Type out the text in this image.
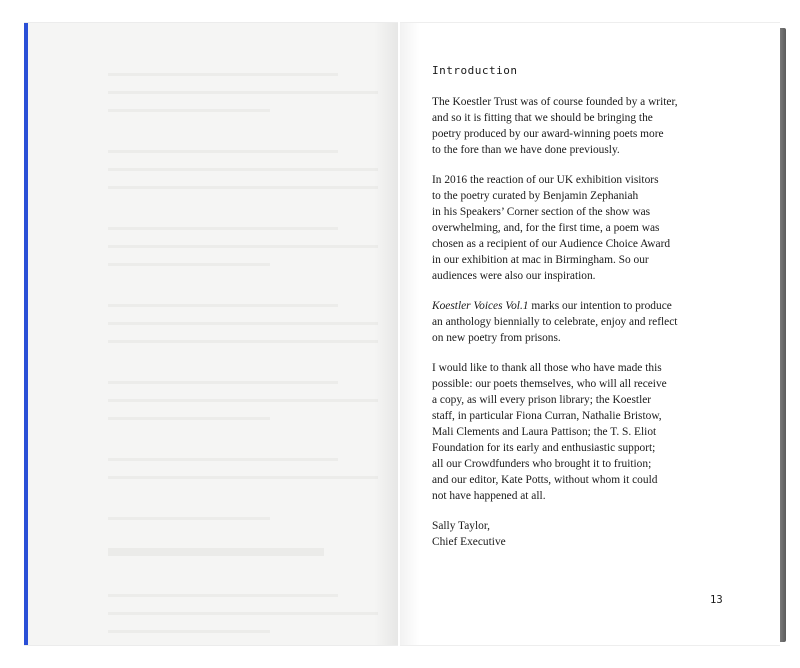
Introduction

The Koestler Trust was of course founded by a writer,
and so it is fitting that we should be bringing the
poetry produced by our award-winning poets more
to the fore than we have done previously.

In 2016 the reaction of our UK exhibition visitors
to the poetry curated by Benjamin Zephaniah
in his Speakers’ Corner section of the show was
overwhelming, and, for the first time, a poem was
chosen as a recipient of our Audience Choice Award
in our exhibition at mac in Birmingham. So our
audiences were also our inspiration.

Koestler Voices Vol.1 marks our intention to produce
an anthology biennially to celebrate, enjoy and reflect
on new poetry from prisons.

I would like to thank all those who have made this
possible: our poets themselves, who will all receive
a copy, as will every prison library; the Koestler
staff, in particular Fiona Curran, Nathalie Bristow,
Mali Clements and Laura Pattison; the T. S. Eliot
Foundation for its early and enthusiastic support;
all our Crowdfunders who brought it to fruition;
and our editor, Kate Potts, without whom it could
not have happened at all.

Sally Taylor,

Chief Executive

13
